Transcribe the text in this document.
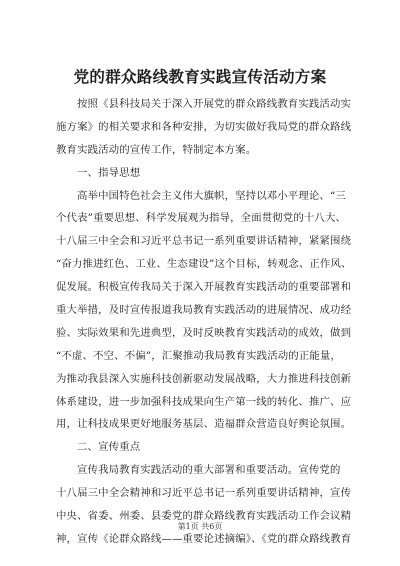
党的群众路线教育实践宣传活动方案
按照《县科技局关于深入开展党的群众路线教育实践活动实
施方案》的相关要求和各种安排，为切实做好我局党的群众路线
教育实践活动的宣传工作，特制定本方案。
一、指导思想
高举中国特色社会主义伟大旗帜，坚持以邓小平理论、“三
个代表”重要思想、科学发展观为指导，全面贯彻党的十八大、
十八届三中全会和习近平总书记一系列重要讲话精神，紧紧围绕
“奋力推进红色、工业、生态建设”这个目标，转观念、正作风、
促发展。积极宣传我局关于深入开展教育实践活动的重要部署和
重大举措，及时宣传报道我局教育实践活动的进展情况、成功经
验、实际效果和先进典型，及时反映教育实践活动的成效，做到
“不虚、不空、不偏”，汇聚推动我局教育实践活动的正能量，
为推动我县深入实施科技创新驱动发展战略，大力推进科技创新
体系建设，进一步加强科技成果向生产第一线的转化、推广、应
用，让科技成果更好地服务基层、造福群众营造良好舆论氛围。
二、宣传重点
宣传我局教育实践活动的重大部署和重要活动。宣传党的
十八届三中全会精神和习近平总书记一系列重要讲话精神，宣传
中央、省委、州委、县委党的群众路线教育实践活动工作会议精
神，宣传《论群众路线——重要论述摘编》、《党的群众路线教育
第1页 共6页
